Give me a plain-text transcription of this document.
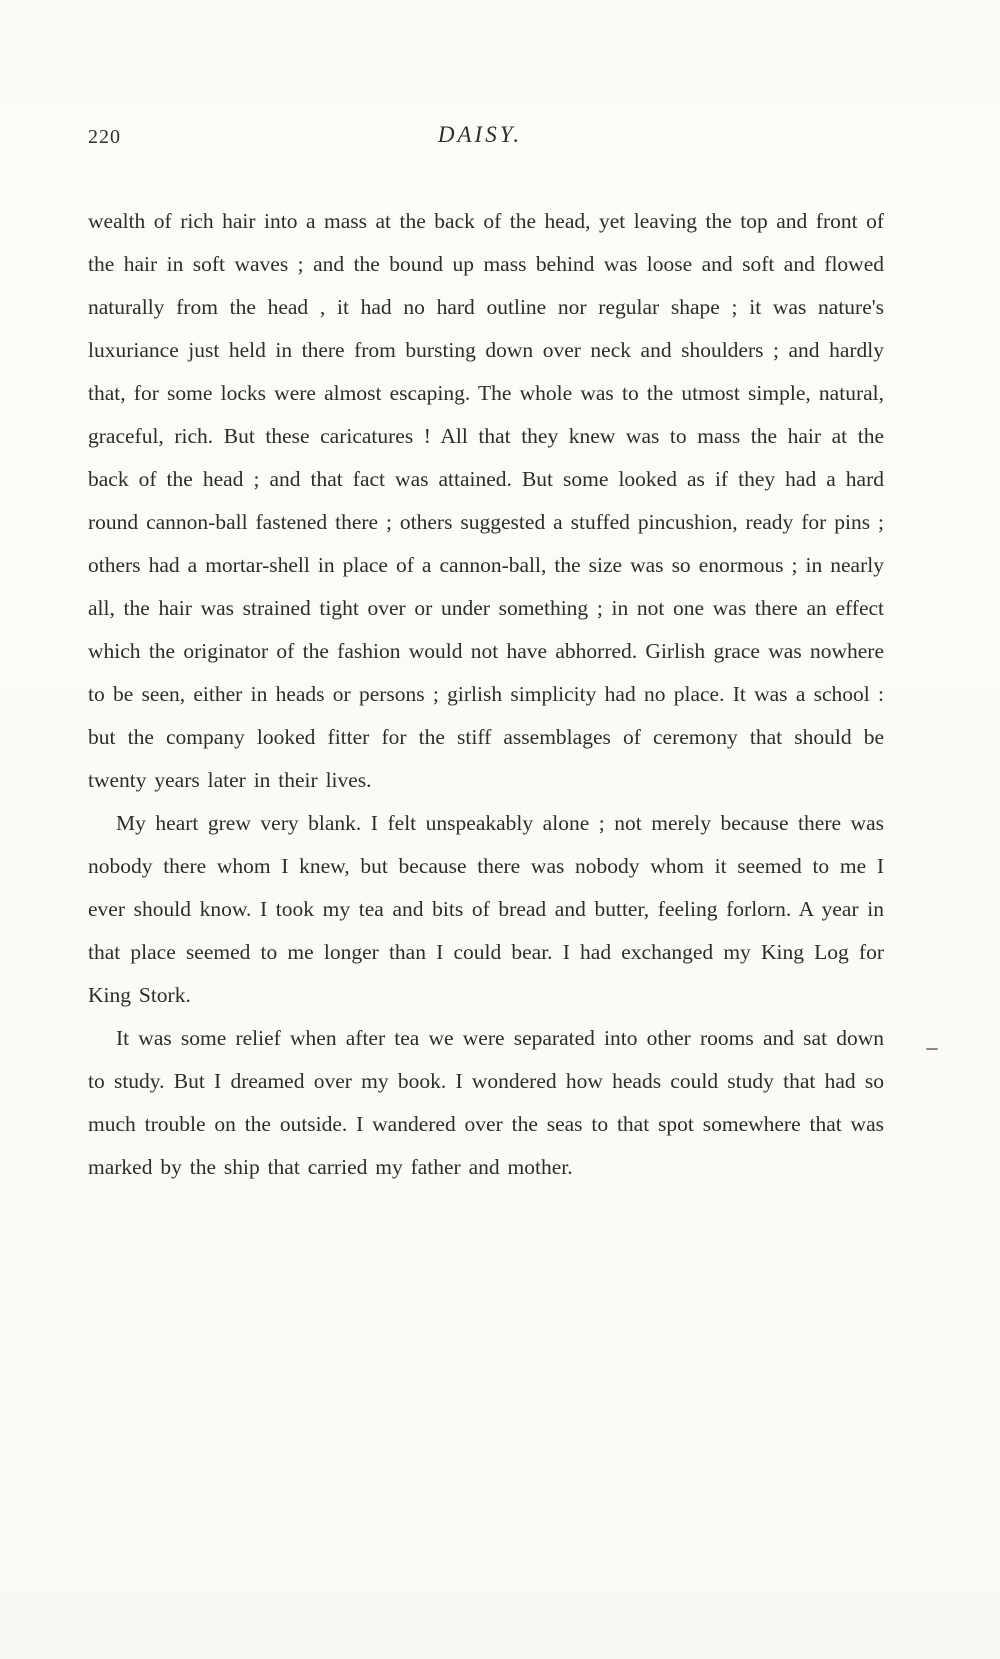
220	DAISY.

wealth of rich hair into a mass at the back of the head, yet leaving the top and front of the hair in soft waves ; and the bound up mass behind was loose and soft and flowed naturally from the head , it had no hard outline nor regular shape ; it was nature's luxuriance just held in there from bursting down over neck and shoulders ; and hardly that, for some locks were almost escaping. The whole was to the utmost simple, natural, graceful, rich. But these caricatures ! All that they knew was to mass the hair at the back of the head ; and that fact was attained. But some looked as if they had a hard round cannon-ball fastened there ; others suggested a stuffed pincushion, ready for pins ; others had a mortar-shell in place of a cannon-ball, the size was so enormous ; in nearly all, the hair was strained tight over or under something ; in not one was there an effect which the originator of the fashion would not have abhorred. Girlish grace was nowhere to be seen, either in heads or persons ; girlish simplicity had no place. It was a school : but the company looked fitter for the stiff assemblages of ceremony that should be twenty years later in their lives.

My heart grew very blank. I felt unspeakably alone ; not merely because there was nobody there whom I knew, but because there was nobody whom it seemed to me I ever should know. I took my tea and bits of bread and butter, feeling forlorn. A year in that place seemed to me longer than I could bear. I had exchanged my King Log for King Stork.

It was some relief when after tea we were separated into other rooms and sat down to study. But I dreamed over my book. I wondered how heads could study that had so much trouble on the outside. I wandered over the seas to that spot somewhere that was marked by the ship that carried my father and mother.
